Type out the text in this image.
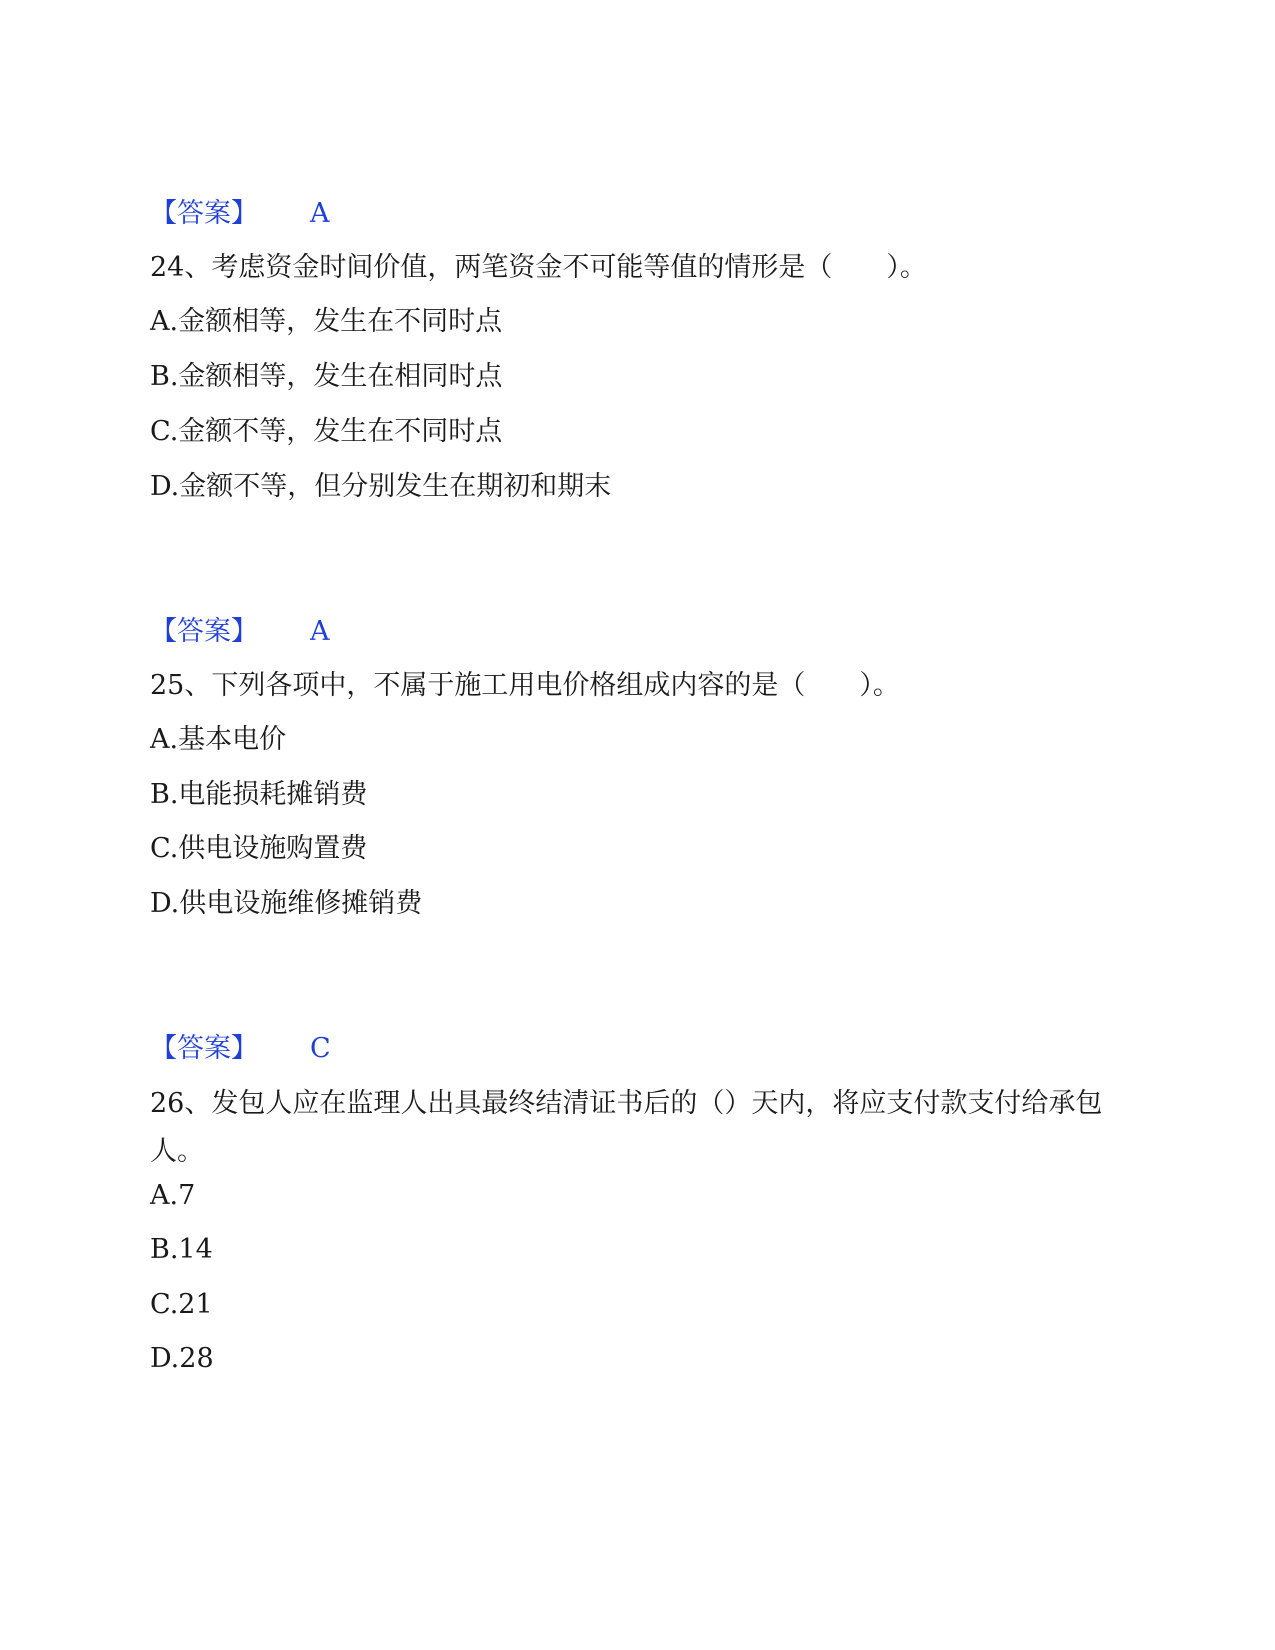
【答案】 A
24、考虑资金时间价值，两笔资金不可能等值的情形是（　　）。
A.金额相等，发生在不同时点
B.金额相等，发生在相同时点
C.金额不等，发生在不同时点
D.金额不等，但分别发生在期初和期末
【答案】 A
25、下列各项中，不属于施工用电价格组成内容的是（　　）。
A.基本电价
B.电能损耗摊销费
C.供电设施购置费
D.供电设施维修摊销费
【答案】 C
26、发包人应在监理人出具最终结清证书后的（）天内，将应支付款支付给承包人。
A.7
B.14
C.21
D.28
